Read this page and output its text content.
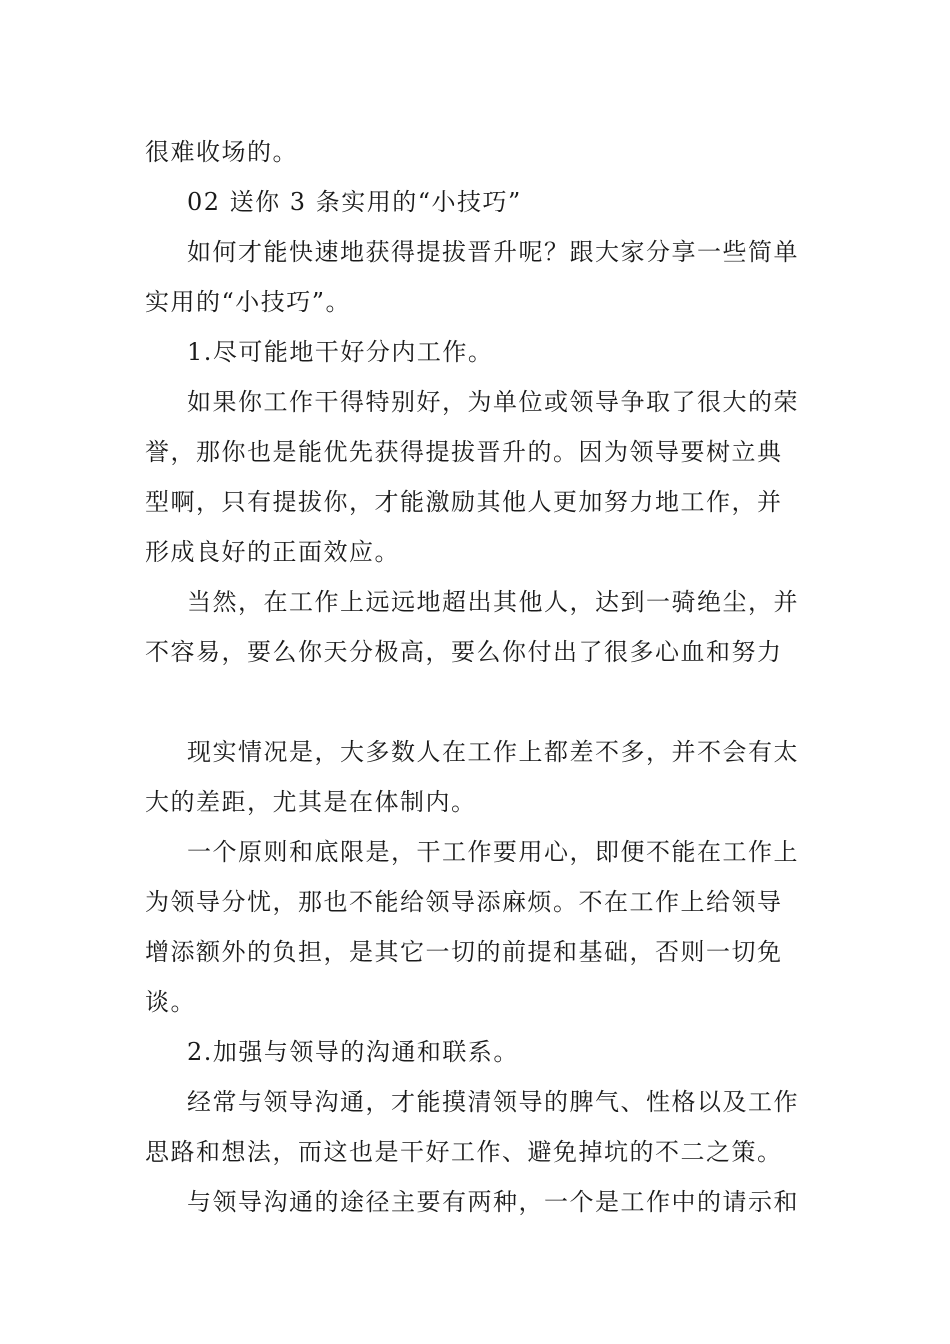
很难收场的。
02 送你 3 条实用的“小技巧”
如何才能快速地获得提拔晋升呢？跟大家分享一些简单
实用的“小技巧”。
1.尽可能地干好分内工作。
如果你工作干得特别好，为单位或领导争取了很大的荣
誉，那你也是能优先获得提拔晋升的。因为领导要树立典
型啊，只有提拔你，才能激励其他人更加努力地工作，并
形成良好的正面效应。
当然，在工作上远远地超出其他人，达到一骑绝尘，并
不容易，要么你天分极高，要么你付出了很多心血和努力
现实情况是，大多数人在工作上都差不多，并不会有太
大的差距，尤其是在体制内。
一个原则和底限是，干工作要用心，即便不能在工作上
为领导分忧，那也不能给领导添麻烦。不在工作上给领导
增添额外的负担，是其它一切的前提和基础，否则一切免
谈。
2.加强与领导的沟通和联系。
经常与领导沟通，才能摸清领导的脾气、性格以及工作
思路和想法，而这也是干好工作、避免掉坑的不二之策。
与领导沟通的途径主要有两种，一个是工作中的请示和
